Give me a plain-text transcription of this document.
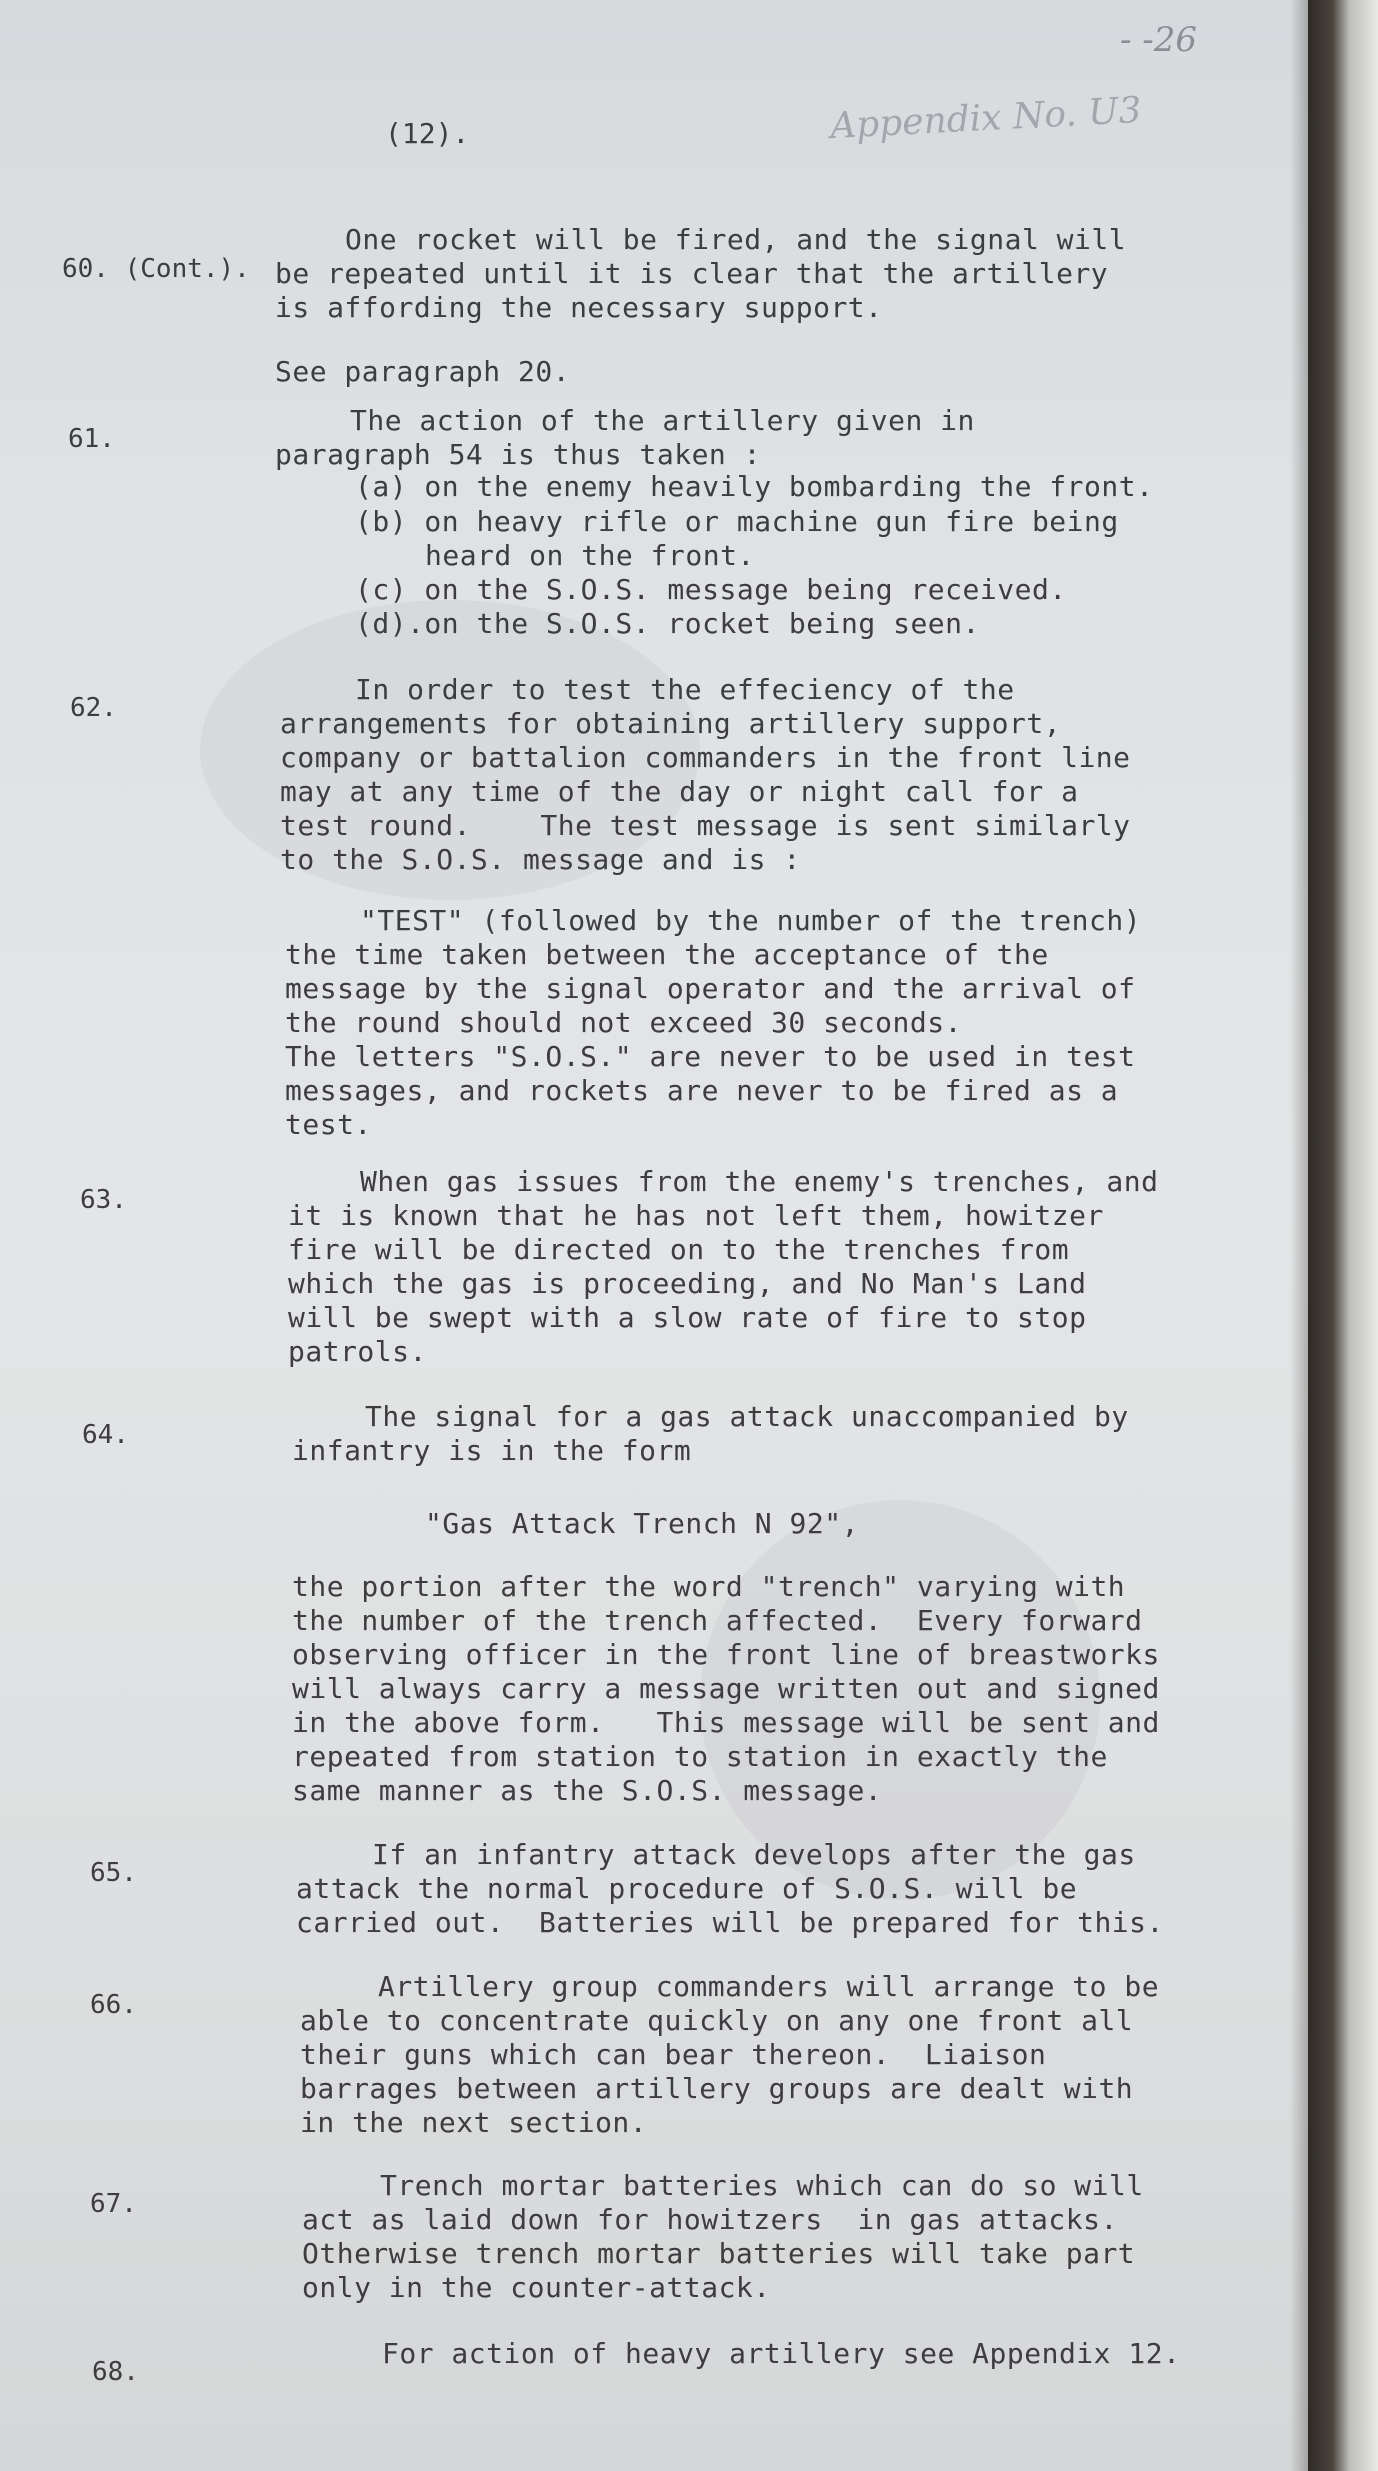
(12).	Appendix No. U3
- -26
60. (Cont.).
One rocket will be fired, and the signal will
be repeated until it is clear that the artillery
is affording the necessary support.
See paragraph 20.
61.
The action of the artillery given in
paragraph 54 is thus taken :
(a) on the enemy heavily bombarding the front.
(b) on heavy rifle or machine gun fire being
heard on the front.
(c) on the S.O.S. message being received.
(d).on the S.O.S. rocket being seen.
62.
In order to test the effeciency of the
arrangements for obtaining artillery support,
company or battalion commanders in the front line
may at any time of the day or night call for a
test round.    The test message is sent similarly
to the S.O.S. message and is :
"TEST" (followed by the number of the trench)
the time taken between the acceptance of the
message by the signal operator and the arrival of
the round should not exceed 30 seconds.
The letters "S.O.S." are never to be used in test
messages, and rockets are never to be fired as a
test.
63.
When gas issues from the enemy's trenches, and
it is known that he has not left them, howitzer
fire will be directed on to the trenches from
which the gas is proceeding, and No Man's Land
will be swept with a slow rate of fire to stop
patrols.
64.
The signal for a gas attack unaccompanied by
infantry is in the form
"Gas Attack Trench N 92",
the portion after the word "trench" varying with
the number of the trench affected.  Every forward
observing officer in the front line of breastworks
will always carry a message written out and signed
in the above form.   This message will be sent and
repeated from station to station in exactly the
same manner as the S.O.S. message.
65.
If an infantry attack develops after the gas
attack the normal procedure of S.O.S. will be
carried out.  Batteries will be prepared for this.
66.
Artillery group commanders will arrange to be
able to concentrate quickly on any one front all
their guns which can bear thereon.  Liaison
barrages between artillery groups are dealt with
in the next section.
67.
Trench mortar batteries which can do so will
act as laid down for howitzers  in gas attacks.
Otherwise trench mortar batteries will take part
only in the counter-attack.
68.
For action of heavy artillery see Appendix 12.
